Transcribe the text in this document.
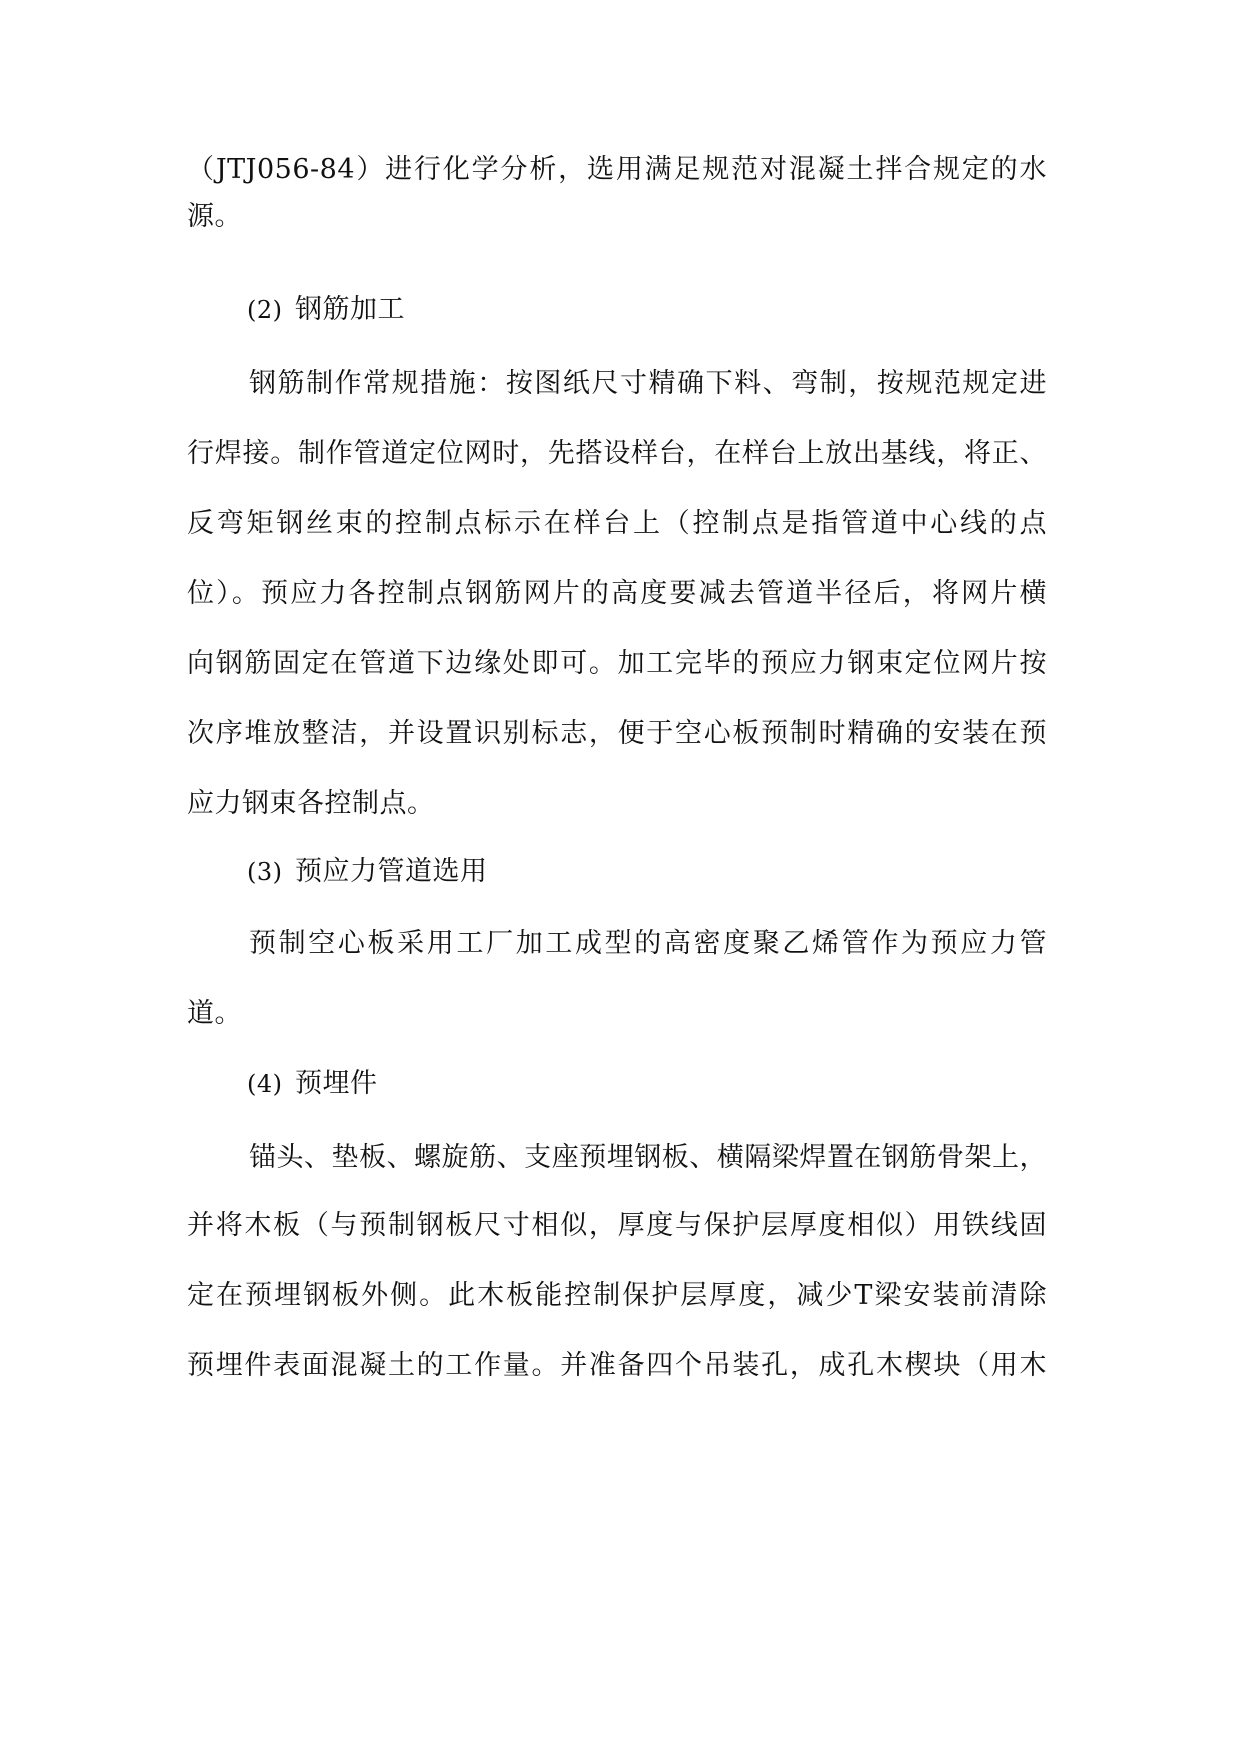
（JTJ056-84）进行化学分析，选用满足规范对混凝土拌合规定的水
源。
(2) 钢筋加工
钢筋制作常规措施：按图纸尺寸精确下料、弯制，按规范规定进
行焊接。制作管道定位网时，先搭设样台，在样台上放出基线，将正、
反弯矩钢丝束的控制点标示在样台上（控制点是指管道中心线的点
位）。预应力各控制点钢筋网片的高度要减去管道半径后，将网片横
向钢筋固定在管道下边缘处即可。加工完毕的预应力钢束定位网片按
次序堆放整洁，并设置识别标志，便于空心板预制时精确的安装在预
应力钢束各控制点。
(3) 预应力管道选用
预制空心板采用工厂加工成型的高密度聚乙烯管作为预应力管
道。
(4) 预埋件
锚头、垫板、螺旋筋、支座预埋钢板、横隔梁焊置在钢筋骨架上，
并将木板（与预制钢板尺寸相似，厚度与保护层厚度相似）用铁线固
定在预埋钢板外侧。此木板能控制保护层厚度，减少T梁安装前清除
预埋件表面混凝土的工作量。并准备四个吊装孔，成孔木楔块（用木
